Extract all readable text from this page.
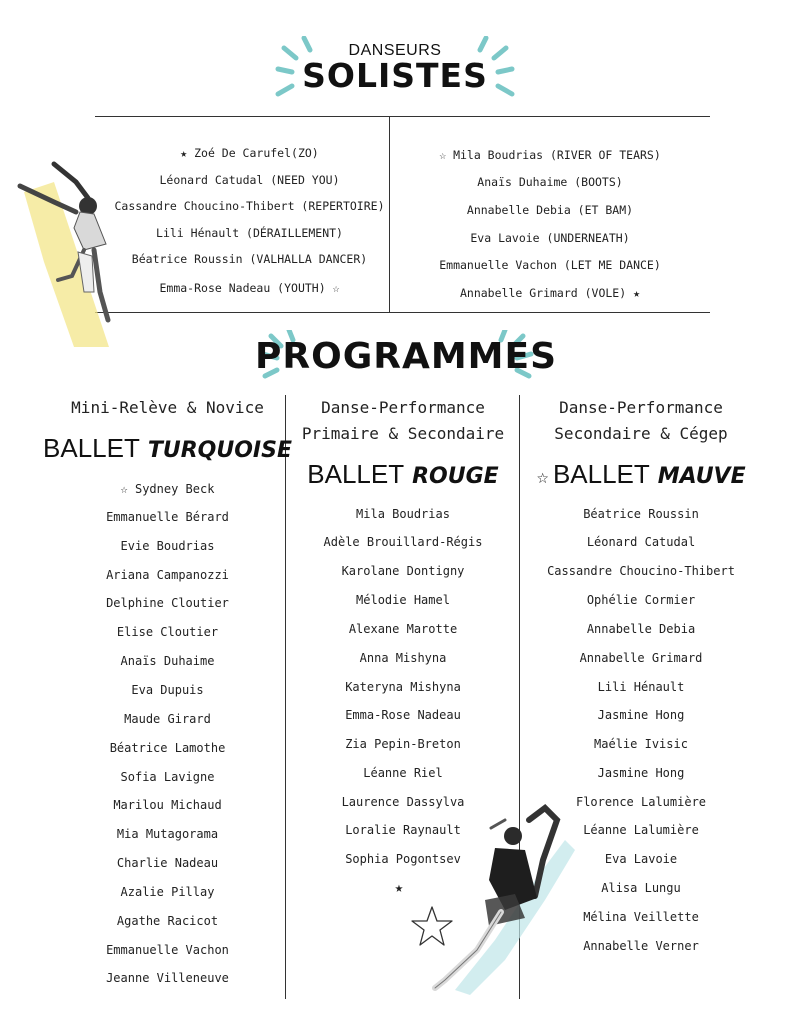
DANSEURS
SOLISTES
★ Zoé De Carufel(ZO)
Léonard Catudal (NEED YOU)
Cassandre Choucino-Thibert (REPERTOIRE)
Lili Hénault (DÉRAILLEMENT)
Béatrice Roussin (VALHALLA DANCER)
Emma-Rose Nadeau (YOUTH) ☆
☆ Mila Boudrias (RIVER OF TEARS)
Anaïs Duhaime (BOOTS)
Annabelle Debia (ET BAM)
Eva Lavoie (UNDERNEATH)
Emmanuelle Vachon (LET ME DANCE)
Annabelle Grimard (VOLE) ★
PROGRAMMES
Mini-Relève & Novice
BALLET TURQUOISE
☆ Sydney Beck
Emmanuelle Bérard
Evie Boudrias
Ariana Campanozzi
Delphine Cloutier
Elise Cloutier
Anaïs Duhaime
Eva Dupuis
Maude Girard
Béatrice Lamothe
Sofia Lavigne
Marilou Michaud
Mia Mutagorama
Charlie Nadeau
Azalie Pillay
Agathe Racicot
Emmanuelle Vachon
Jeanne Villeneuve
Danse-Performance
Primaire & Secondaire
BALLET ROUGE
Mila Boudrias
Adèle Brouillard-Régis
Karolane Dontigny
Mélodie Hamel
Alexane Marotte
Anna Mishyna
Kateryna Mishyna
Emma-Rose Nadeau
Zia Pepin-Breton
Léanne Riel
Laurence Dassylva
Loralie Raynault
Sophia Pogontsev
★
Danse-Performance
Secondaire & Cégep
☆ BALLET MAUVE
Béatrice Roussin
Léonard Catudal
Cassandre Choucino-Thibert
Ophélie Cormier
Annabelle Debia
Annabelle Grimard
Lili Hénault
Jasmine Hong
Maélie Ivisic
Jasmine Hong
Florence Lalumière
Léanne Lalumière
Eva Lavoie
Alisa Lungu
Mélina Veillette
Annabelle Verner
